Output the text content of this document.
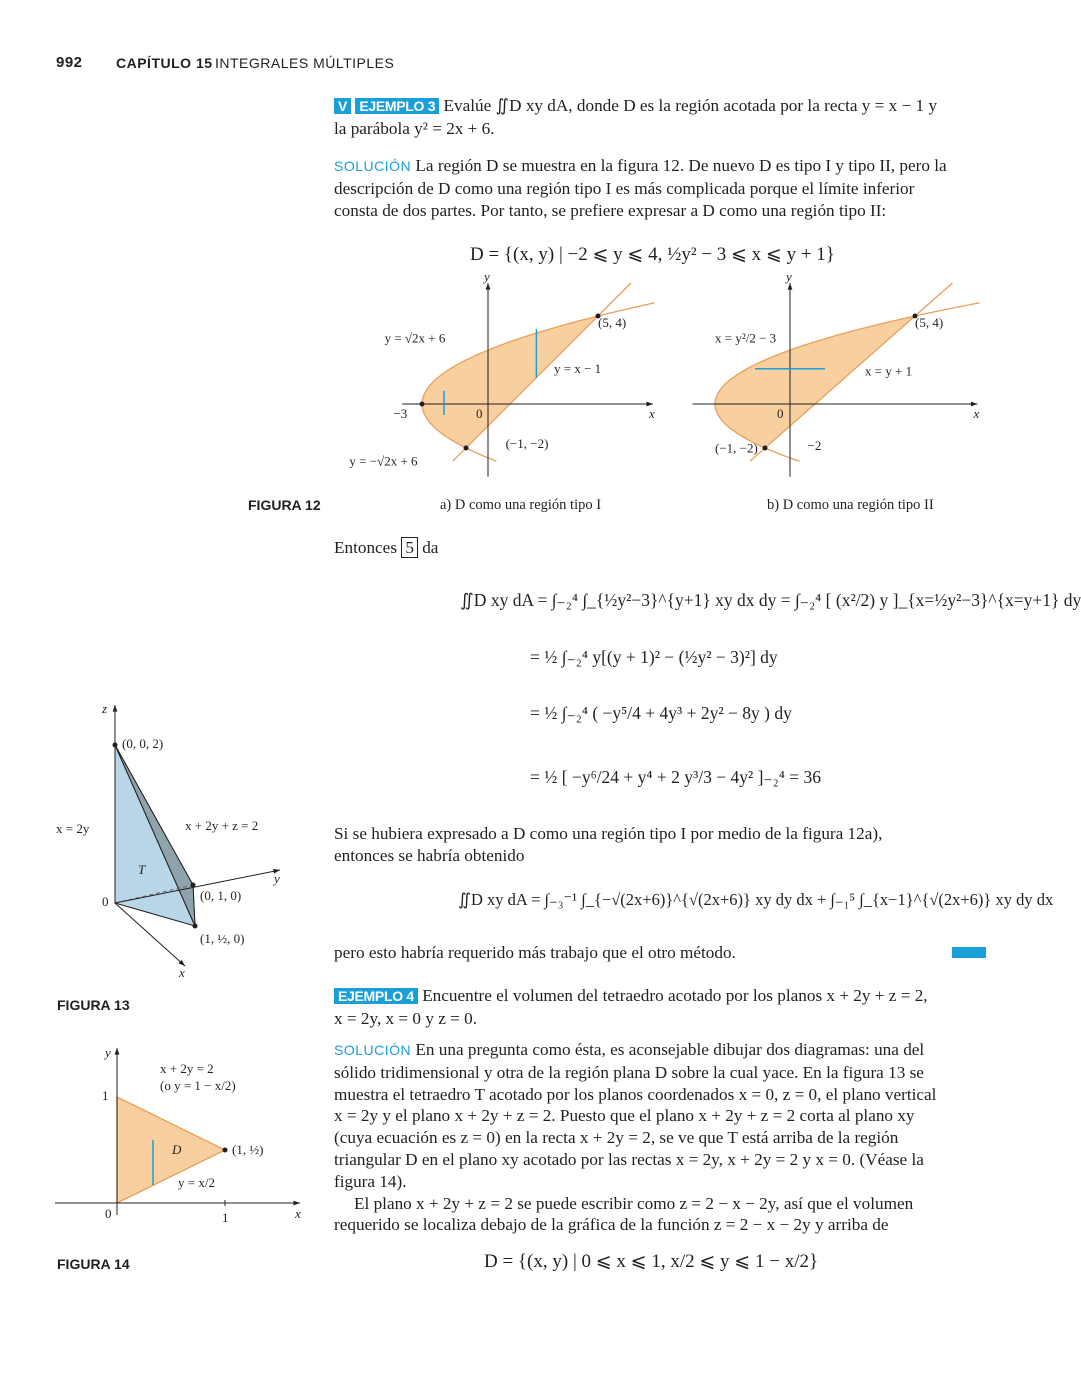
992 CAPÍTULO 15 INTEGRALES MÚLTIPLES
V EJEMPLO 3 Evalúe ∬D xy dA, donde D es la región acotada por la recta y = x − 1 y
la parábola y² = 2x + 6.
SOLUCIÓN La región D se muestra en la figura 12. De nuevo D es tipo I y tipo II, pero la
descripción de D como una región tipo I es más complicada porque el límite inferior
consta de dos partes. Por tanto, se prefiere expresar a D como una región tipo II:
D = {(x, y) | −2 ⩽ y ⩽ 4, ½y² − 3 ⩽ x ⩽ y + 1}
y
x
(5, 4)
−3	0
y = √2x + 6
y = −√2x + 6
y = x − 1
(−1, −2)
y
x
(5, 4)
0
−2
x = y²/2 − 3
x = y + 1
(−1, −2)
FIGURA 12	a) D como una región tipo I	b) D como una región tipo II
Entonces 5 da
∬D xy dA = ∫₋₂⁴ ∫_{½y²−3}^{y+1} xy dx dy = ∫₋₂⁴ [ (x²/2) y ]_{x=½y²−3}^{x=y+1} dy
= ½ ∫₋₂⁴ y[(y + 1)² − (½y² − 3)²] dy
= ½ ∫₋₂⁴ ( −y⁵/4 + 4y³ + 2y² − 8y ) dy
= ½ [ −y⁶/24 + y⁴ + 2 y³/3 − 4y² ]₋₂⁴ = 36
Si se hubiera expresado a D como una región tipo I por medio de la figura 12a),
entonces se habría obtenido
∬D xy dA = ∫₋₃⁻¹ ∫_{−√(2x+6)}^{√(2x+6)} xy dy dx + ∫₋₁⁵ ∫_{x−1}^{√(2x+6)} xy dy dx
pero esto habría requerido más trabajo que el otro método.
EJEMPLO 4 Encuentre el volumen del tetraedro acotado por los planos x + 2y + z = 2,
x = 2y, x = 0 y z = 0.
SOLUCIÓN En una pregunta como ésta, es aconsejable dibujar dos diagramas: una del
sólido tridimensional y otra de la región plana D sobre la cual yace. En la figura 13 se
muestra el tetraedro T acotado por los planos coordenados x = 0, z = 0, el plano vertical
x = 2y y el plano x + 2y + z = 2. Puesto que el plano x + 2y + z = 2 corta al plano xy
(cuya ecuación es z = 0) en la recta x + 2y = 2, se ve que T está arriba de la región
triangular D en el plano xy acotado por las rectas x = 2y, x + 2y = 2 y x = 0. (Véase la
figura 14).
El plano x + 2y + z = 2 se puede escribir como z = 2 − x − 2y, así que el volumen
requerido se localiza debajo de la gráfica de la función z = 2 − x − 2y y arriba de
D = {(x, y) | 0 ⩽ x ⩽ 1, x/2 ⩽ y ⩽ 1 − x/2}
z
y
x
(0, 0, 2)
(0, 1, 0)
(1, ½, 0)
x = 2y	x + 2y + z = 2
T
0
FIGURA 13
y
x
x + 2y = 2
(o y = 1 − x/2)
y = x/2
D	(1, ½)
1
1
0
FIGURA 14
